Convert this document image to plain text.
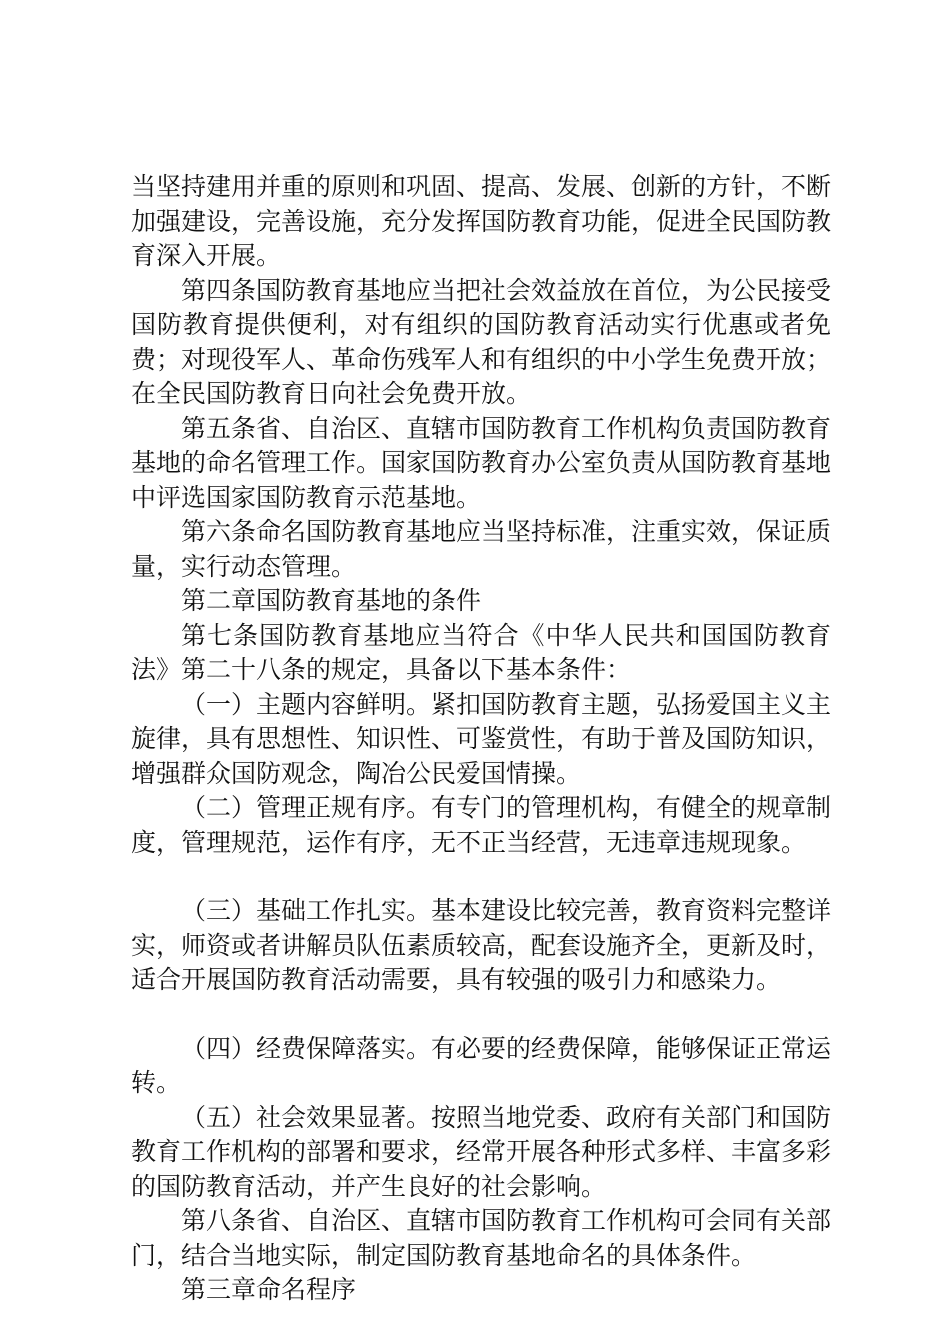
当坚持建用并重的原则和巩固、提高、发展、创新的方针，不断加强建设，完善设施，充分发挥国防教育功能，促进全民国防教育深入开展。

第四条国防教育基地应当把社会效益放在首位，为公民接受国防教育提供便利，对有组织的国防教育活动实行优惠或者免费；对现役军人、革命伤残军人和有组织的中小学生免费开放；在全民国防教育日向社会免费开放。

第五条省、自治区、直辖市国防教育工作机构负责国防教育基地的命名管理工作。国家国防教育办公室负责从国防教育基地中评选国家国防教育示范基地。

第六条命名国防教育基地应当坚持标准，注重实效，保证质量，实行动态管理。

第二章国防教育基地的条件

第七条国防教育基地应当符合《中华人民共和国国防教育法》第二十八条的规定，具备以下基本条件：

（一）主题内容鲜明。紧扣国防教育主题，弘扬爱国主义主旋律，具有思想性、知识性、可鉴赏性，有助于普及国防知识，增强群众国防观念，陶冶公民爱国情操。

（二）管理正规有序。有专门的管理机构，有健全的规章制度，管理规范，运作有序，无不正当经营，无违章违规现象。

（三）基础工作扎实。基本建设比较完善，教育资料完整详实，师资或者讲解员队伍素质较高，配套设施齐全，更新及时，适合开展国防教育活动需要，具有较强的吸引力和感染力。

（四）经费保障落实。有必要的经费保障，能够保证正常运转。

（五）社会效果显著。按照当地党委、政府有关部门和国防教育工作机构的部署和要求，经常开展各种形式多样、丰富多彩的国防教育活动，并产生良好的社会影响。

第八条省、自治区、直辖市国防教育工作机构可会同有关部门，结合当地实际，制定国防教育基地命名的具体条件。

第三章命名程序
